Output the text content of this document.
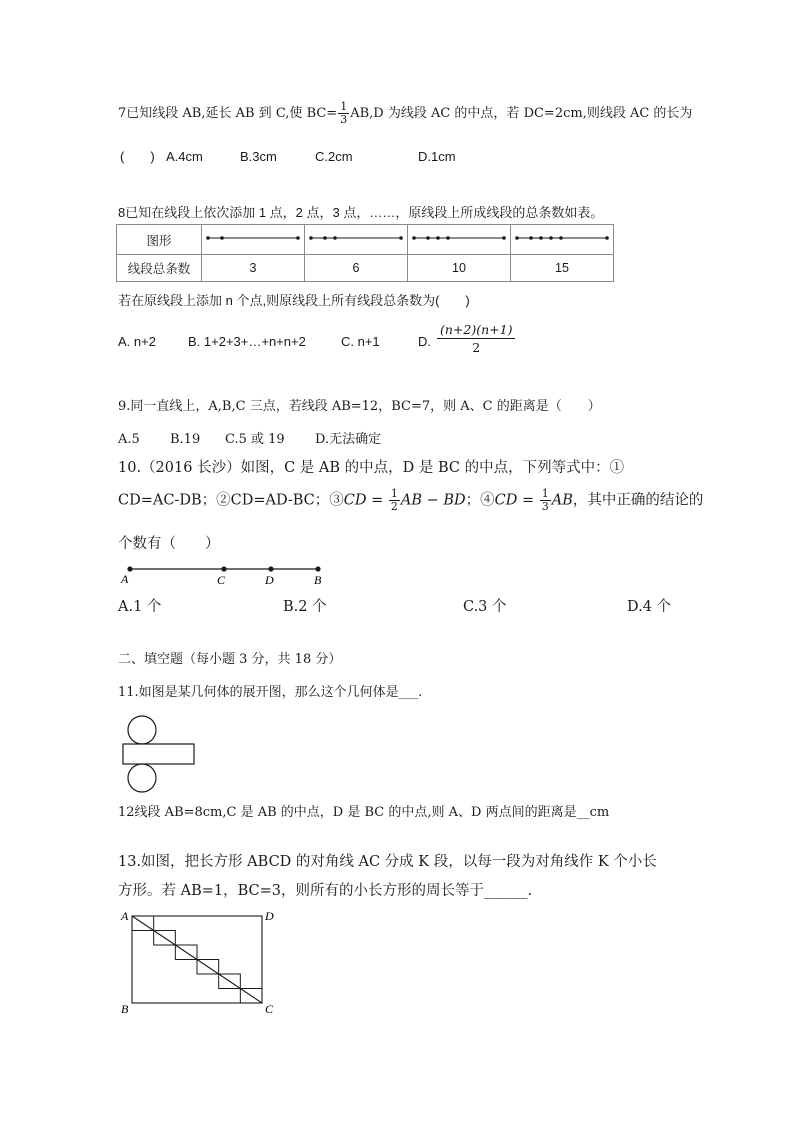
7已知线段 AB,延长 AB 到 C,使 $BC= \frac{1}{3} AB,D$ 为线段 AC 的中点，若 DC=2cm,则线段 AC 的长为
( ) A.4cm	B.3cm	C.2cm	D.1cm
8已知在线段上依次添加 1 点，2 点，3 点，……，原线段上所成线段的总条数如表。
图形				
线段总条数	3	6	10	15
若在原线段上添加 n 个点,则原线段上所有线段总条数为(　　)
A. n+2 B. 1+2+3+…+n+n+2	C. n+1	D.
(n+2)(n+1)
2
9.同一直线上，A,B,C 三点，若线段 AB=12，BC=7，则 A、C 的距离是（　　）
A.5 B.19 C.5 或 19 D.无法确定
10.（2016 长沙）如图，C 是 AB 的中点，D 是 BC 的中点，下列等式中：①
CD=AC-DB；②CD=AD-BC；③CD = $\frac{1}{2}$ AB − BD；④CD = $\frac{1}{3}$ AB，其中正确的结论的
个数有（　　）
A	C	D	B
A.1 个	B.2 个	C.3 个	D.4 个
二、填空题（每小题 3 分，共 18 分）
11.如图是某几何体的展开图，那么这个几何体是___.
12线段 AB=8cm,C 是 AB 的中点，D 是 BC 的中点,则 A、D 两点间的距离是__cm
13.如图，把长方形 ABCD 的对角线 AC 分成 K 段，以每一段为对角线作 K 个小长
方形。若 AB=1，BC=3，则所有的小长方形的周长等于______.
A	D
B	C
